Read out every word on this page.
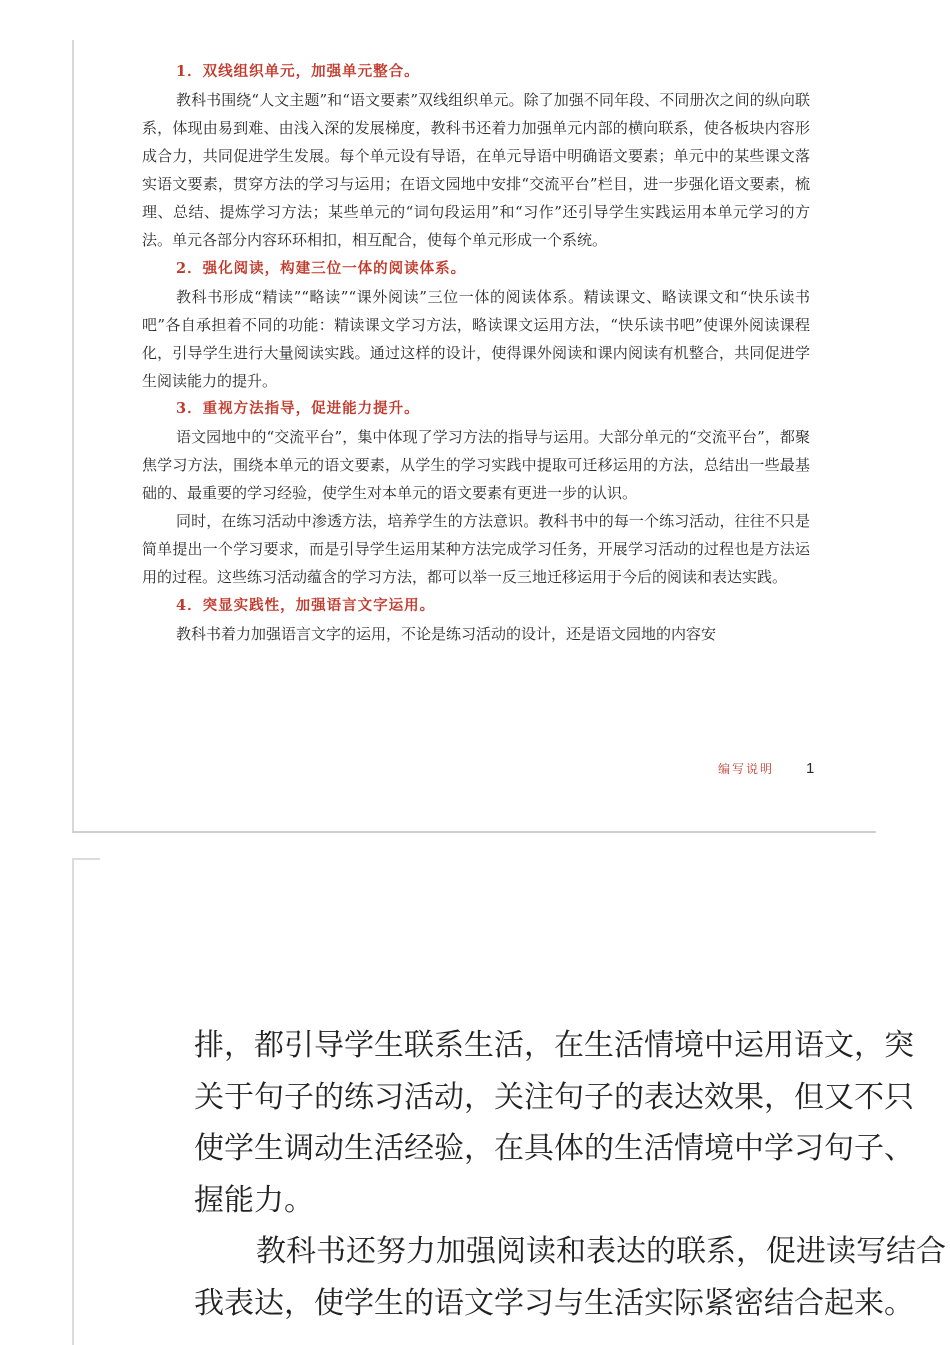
1．双线组织单元，加强单元整合。

教科书围绕“人文主题”和“语文要素”双线组织单元。除了加强不同年段、不同册次之间的纵向联系，体现由易到难、由浅入深的发展梯度，教科书还着力加强单元内部的横向联系，使各板块内容形成合力，共同促进学生发展。每个单元设有导语，在单元导语中明确语文要素；单元中的某些课文落实语文要素，贯穿方法的学习与运用；在语文园地中安排“交流平台”栏目，进一步强化语文要素，梳理、总结、提炼学习方法；某些单元的“词句段运用”和“习作”还引导学生实践运用本单元学习的方法。单元各部分内容环环相扣，相互配合，使每个单元形成一个系统。

2．强化阅读，构建三位一体的阅读体系。

教科书形成“精读”“略读”“课外阅读”三位一体的阅读体系。精读课文、略读课文和“快乐读书吧”各自承担着不同的功能：精读课文学习方法，略读课文运用方法，“快乐读书吧”使课外阅读课程化，引导学生进行大量阅读实践。通过这样的设计，使得课外阅读和课内阅读有机整合，共同促进学生阅读能力的提升。

3．重视方法指导，促进能力提升。

语文园地中的“交流平台”，集中体现了学习方法的指导与运用。大部分单元的“交流平台”，都聚焦学习方法，围绕本单元的语文要素，从学生的学习实践中提取可迁移运用的方法，总结出一些最基础的、最重要的学习经验，使学生对本单元的语文要素有更进一步的认识。

同时，在练习活动中渗透方法，培养学生的方法意识。教科书中的每一个练习活动，往往不只是简单提出一个学习要求，而是引导学生运用某种方法完成学习任务，开展学习活动的过程也是方法运用的过程。这些练习活动蕴含的学习方法，都可以举一反三地迁移运用于今后的阅读和表达实践。

4．突显实践性，加强语言文字运用。

教科书着力加强语言文字的运用，不论是练习活动的设计，还是语文园地的内容安

编写说明 1
排，都引导学生联系生活，在生活情境中运用语文，突
关于句子的练习活动，关注句子的表达效果，但又不只
使学生调动生活经验，在具体的生活情境中学习句子、
握能力。
教科书还努力加强阅读和表达的联系，促进读写结合
我表达，使学生的语文学习与生活实际紧密结合起来。
